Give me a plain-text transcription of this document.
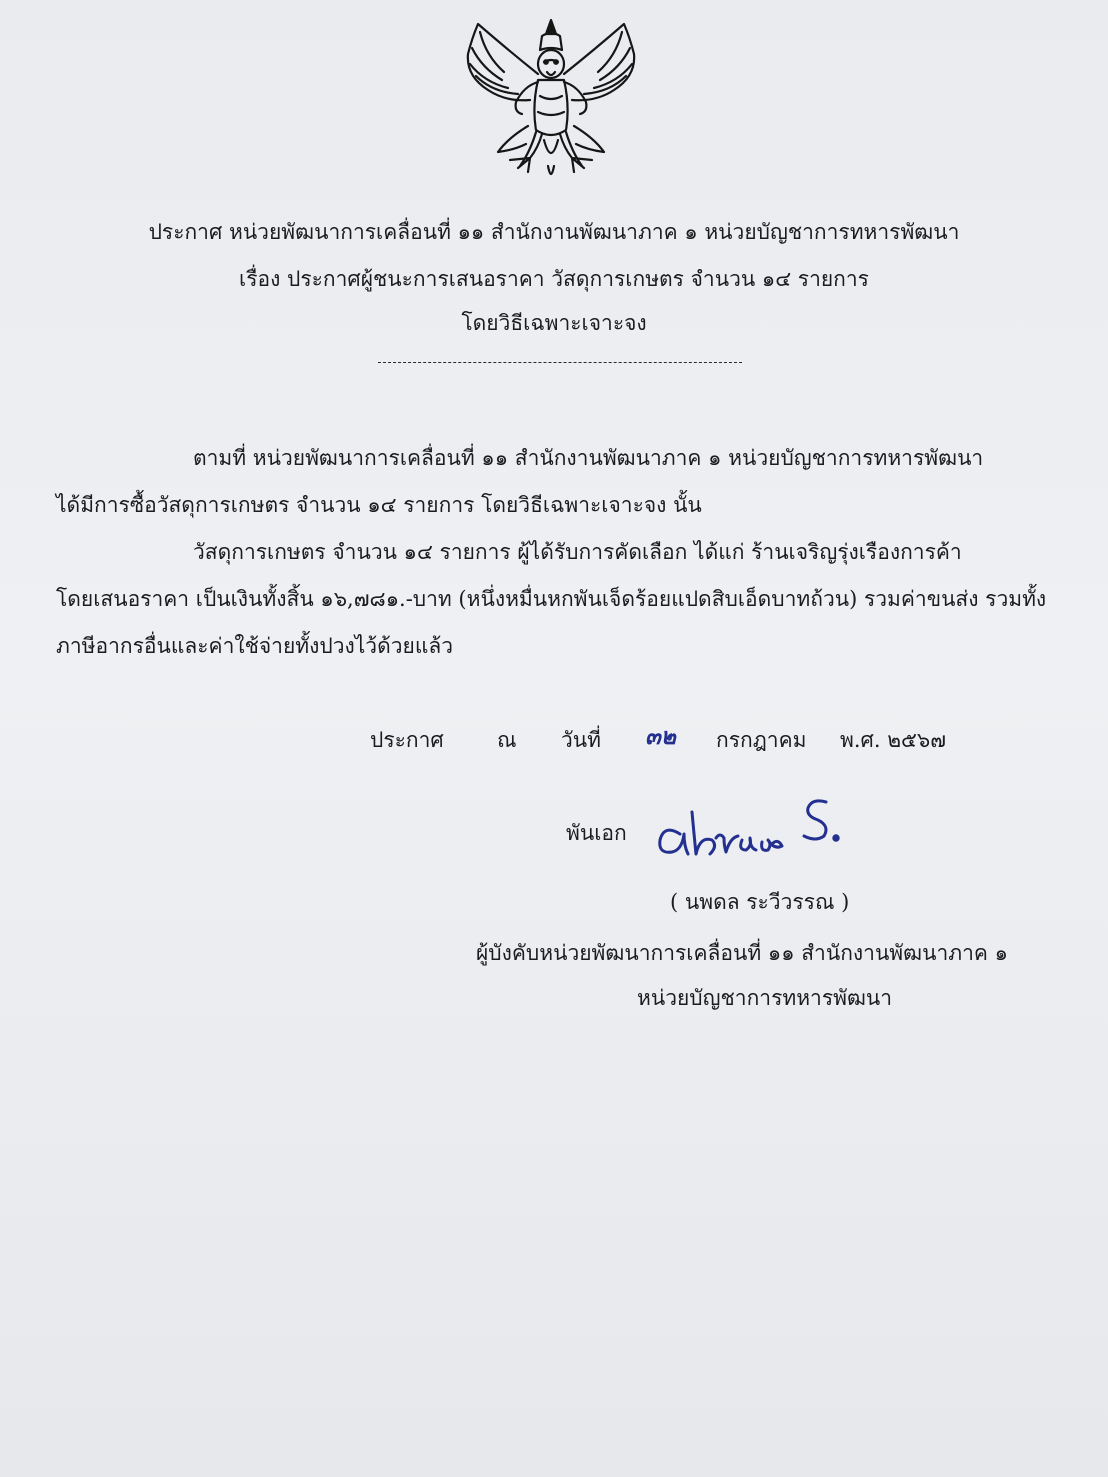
ประกาศ หน่วยพัฒนาการเคลื่อนที่ ๑๑ สำนักงานพัฒนาภาค ๑ หน่วยบัญชาการทหารพัฒนา
เรื่อง ประกาศผู้ชนะการเสนอราคา วัสดุการเกษตร จำนวน ๑๔ รายการ
โดยวิธีเฉพาะเจาะจง
ตามที่ หน่วยพัฒนาการเคลื่อนที่ ๑๑ สำนักงานพัฒนาภาค ๑ หน่วยบัญชาการทหารพัฒนา
ได้มีการซื้อวัสดุการเกษตร จำนวน ๑๔ รายการ โดยวิธีเฉพาะเจาะจง นั้น
วัสดุการเกษตร จำนวน ๑๔ รายการ ผู้ได้รับการคัดเลือก ได้แก่ ร้านเจริญรุ่งเรืองการค้า
โดยเสนอราคา เป็นเงินทั้งสิ้น ๑๖,๗๘๑.-บาท (หนึ่งหมื่นหกพันเจ็ดร้อยแปดสิบเอ็ดบาทถ้วน) รวมค่าขนส่ง รวมทั้ง
ภาษีอากรอื่นและค่าใช้จ่ายทั้งปวงไว้ด้วยแล้ว
ประกาศ	ณ วันที่ ๓๒ กรกฎาคม พ.ศ. ๒๕๖๗
พันเอก
( นพดล ระวีวรรณ )
ผู้บังคับหน่วยพัฒนาการเคลื่อนที่ ๑๑ สำนักงานพัฒนาภาค ๑
หน่วยบัญชาการทหารพัฒนา
